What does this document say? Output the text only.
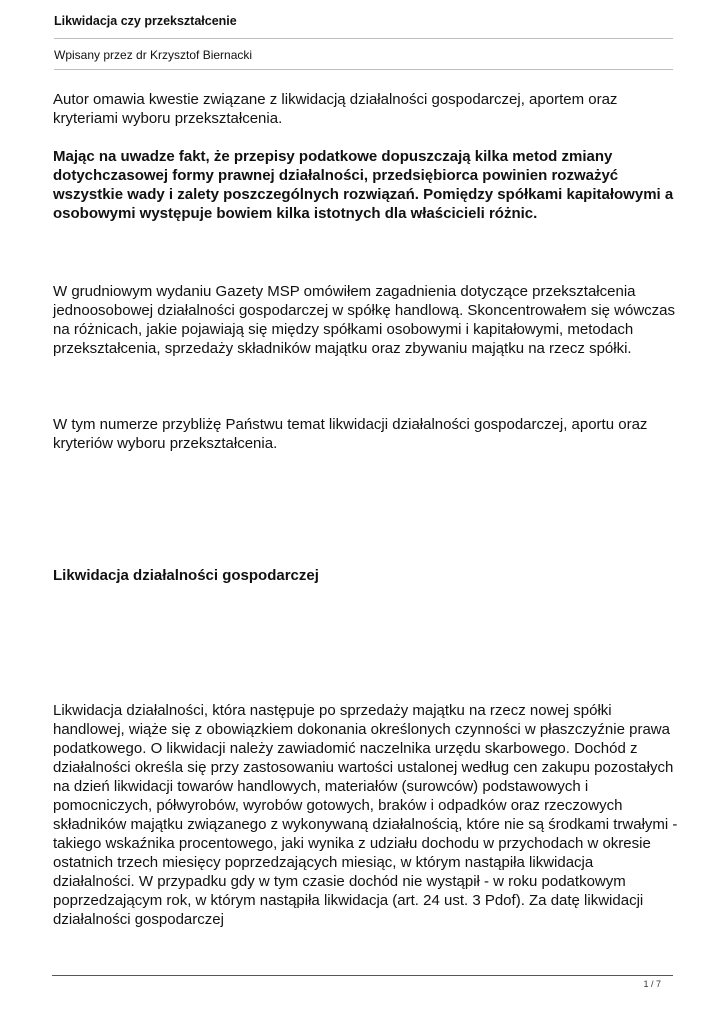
Likwidacja czy przekształcenie
Wpisany przez dr Krzysztof Biernacki

Autor omawia kwestie związane z likwidacją działalności gospodarczej, aportem oraz kryteriami wyboru przekształcenia.

Mając na uwadze fakt, że przepisy podatkowe dopuszczają kilka metod zmiany dotychczasowej formy prawnej działalności, przedsiębiorca powinien rozważyć wszystkie wady i zalety poszczególnych rozwiązań. Pomiędzy spółkami kapitałowymi a osobowymi występuje bowiem kilka istotnych dla właścicieli różnic.

W grudniowym wydaniu Gazety MSP omówiłem zagadnienia dotyczące przekształcenia jednoosobowej działalności gospodarczej w spółkę handlową. Skoncentrowałem się wówczas na różnicach, jakie pojawiają się między spółkami osobowymi i kapitałowymi, metodach przekształcenia, sprzedaży składników majątku oraz zbywaniu majątku na rzecz spółki.

W tym numerze przybliżę Państwu temat likwidacji działalności gospodarczej, aportu oraz kryteriów wyboru przekształcenia.

Likwidacja działalności gospodarczej

Likwidacja działalności, która następuje po sprzedaży majątku na rzecz nowej spółki handlowej, wiąże się z obowiązkiem dokonania określonych czynności w płaszczyźnie prawa podatkowego. O likwidacji należy zawiadomić naczelnika urzędu skarbowego. Dochód z działalności określa się przy zastosowaniu wartości ustalonej według cen zakupu pozostałych na dzień likwidacji towarów handlowych, materiałów (surowców) podstawowych i pomocniczych, półwyrobów, wyrobów gotowych, braków i odpadków oraz rzeczowych składników majątku związanego z wykonywaną działalnością, które nie są środkami trwałymi - takiego wskaźnika procentowego, jaki wynika z udziału dochodu w przychodach w okresie ostatnich trzech miesięcy poprzedzających miesiąc, w którym nastąpiła likwidacja działalności. W przypadku gdy w tym czasie dochód nie wystąpił - w roku podatkowym poprzedzającym rok, w którym nastąpiła likwidacja (art. 24 ust. 3 Pdof). Za datę likwidacji działalności gospodarczej

1 / 7
